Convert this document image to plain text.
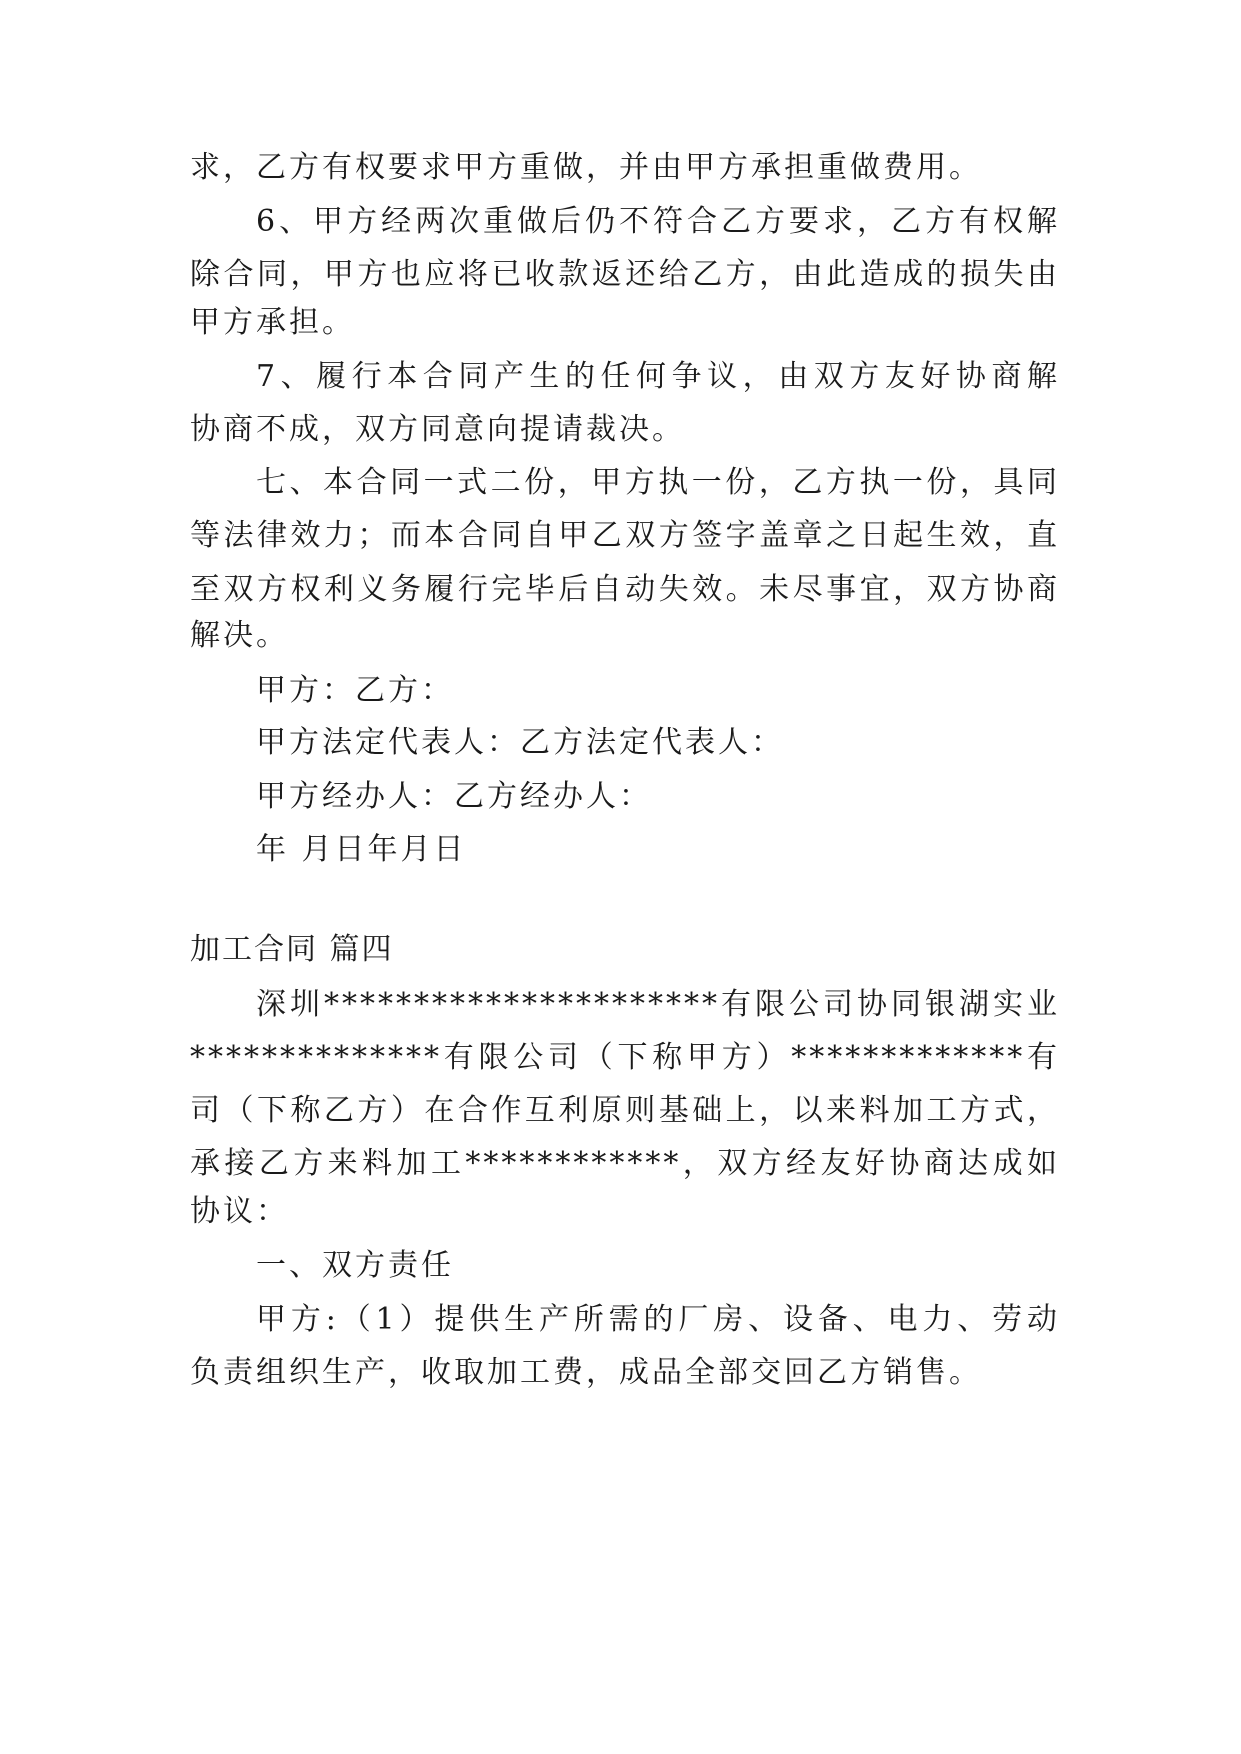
求，乙方有权要求甲方重做，并由甲方承担重做费用。
6、甲方经两次重做后仍不符合乙方要求，乙方有权解
除合同，甲方也应将已收款返还给乙方，由此造成的损失由
甲方承担。
7、履行本合同产生的任何争议，由双方友好协商解
协商不成，双方同意向提请裁决。
七、本合同一式二份，甲方执一份，乙方执一份，具同
等法律效力；而本合同自甲乙双方签字盖章之日起生效，直
至双方权利义务履行完毕后自动失效。未尽事宜，双方协商
解决。
甲方：乙方：
甲方法定代表人：乙方法定代表人：
甲方经办人：乙方经办人：
年 月日年月日
加工合同 篇四
深圳**********************有限公司协同银湖实业
**************有限公司（下称甲方）*************有
司（下称乙方）在合作互利原则基础上，以来料加工方式，
承接乙方来料加工************，双方经友好协商达成如
协议：
一、双方责任
甲方:（1）提供生产所需的厂房、设备、电力、劳动
负责组织生产，收取加工费，成品全部交回乙方销售。
